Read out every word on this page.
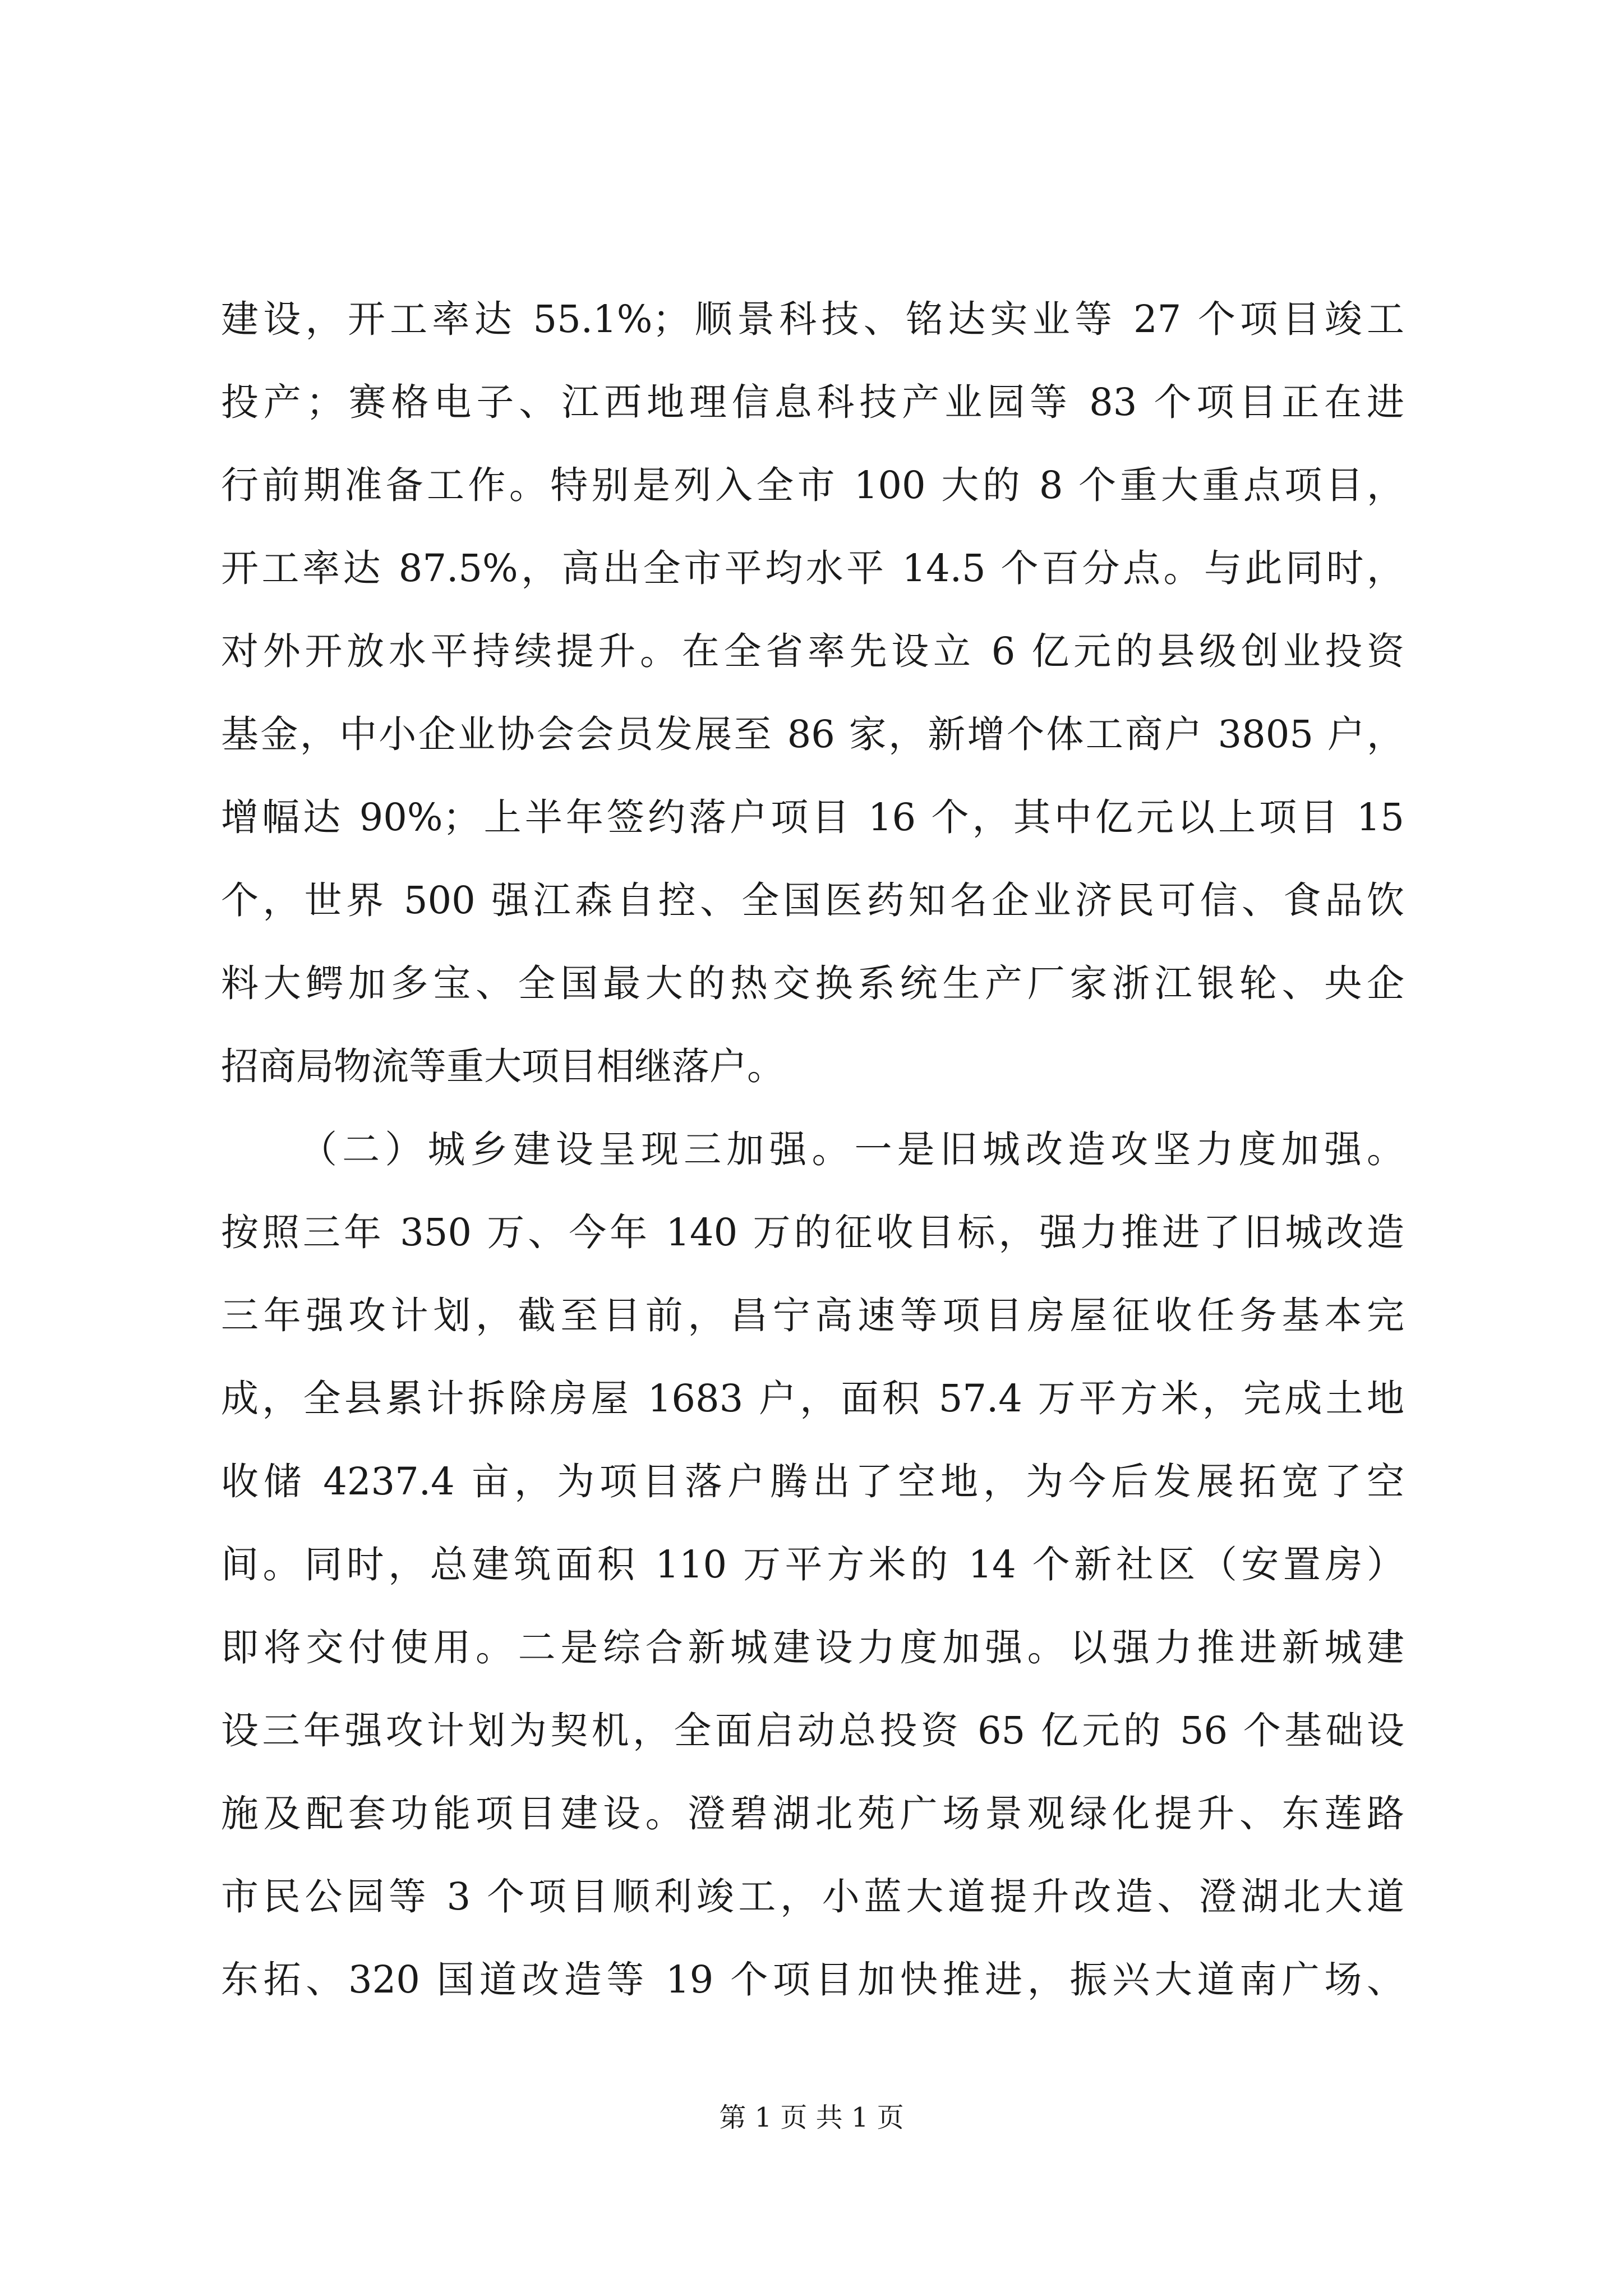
建设，开工率达 55.1%；顺景科技、铭达实业等 27 个项目竣工
投产；赛格电子、江西地理信息科技产业园等 83 个项目正在进
行前期准备工作。特别是列入全市 100 大的 8 个重大重点项目，
开工率达 87.5%，高出全市平均水平 14.5 个百分点。与此同时，
对外开放水平持续提升。在全省率先设立 6 亿元的县级创业投资
基金，中小企业协会会员发展至 86 家，新增个体工商户 3805 户，
增幅达 90%；上半年签约落户项目 16 个，其中亿元以上项目 15
个，世界 500 强江森自控、全国医药知名企业济民可信、食品饮
料大鳄加多宝、全国最大的热交换系统生产厂家浙江银轮、央企
招商局物流等重大项目相继落户。
（二）城乡建设呈现三加强。一是旧城改造攻坚力度加强。
按照三年 350 万、今年 140 万的征收目标，强力推进了旧城改造
三年强攻计划，截至目前，昌宁高速等项目房屋征收任务基本完
成，全县累计拆除房屋 1683 户，面积 57.4 万平方米，完成土地
收储 4237.4 亩，为项目落户腾出了空地，为今后发展拓宽了空
间。同时，总建筑面积 110 万平方米的 14 个新社区（安置房）
即将交付使用。二是综合新城建设力度加强。以强力推进新城建
设三年强攻计划为契机，全面启动总投资 65 亿元的 56 个基础设
施及配套功能项目建设。澄碧湖北苑广场景观绿化提升、东莲路
市民公园等 3 个项目顺利竣工，小蓝大道提升改造、澄湖北大道
东拓、320 国道改造等 19 个项目加快推进，振兴大道南广场、
第 1 页 共 1 页
